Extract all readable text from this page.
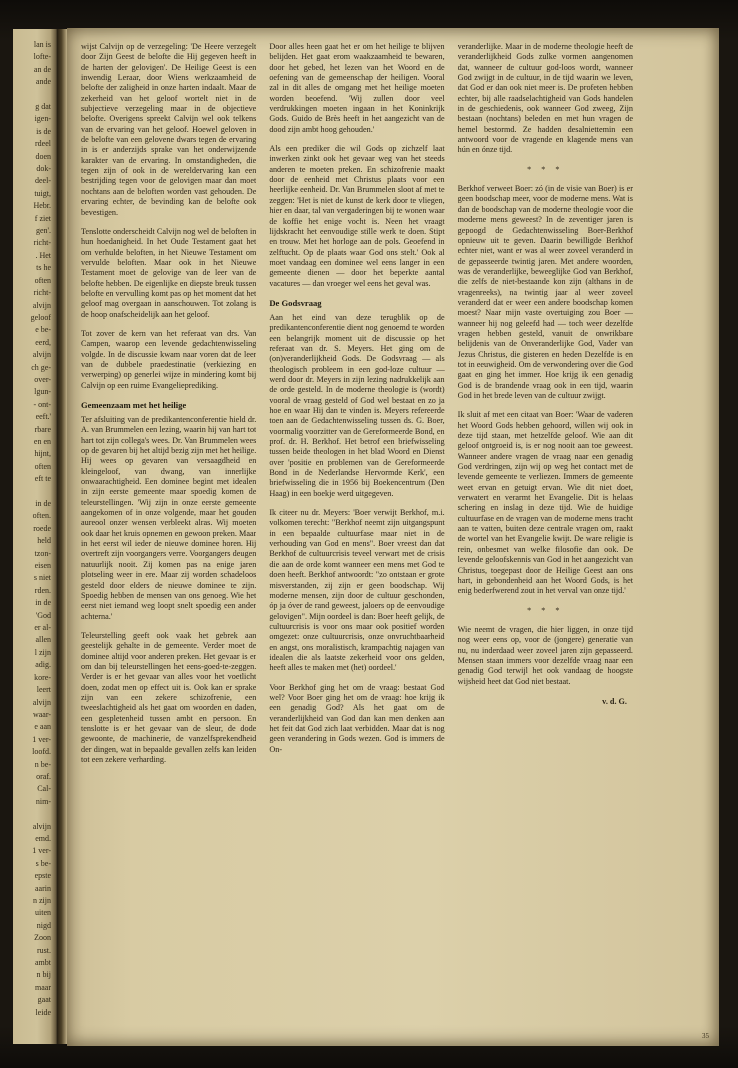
lan is
lofte-
an de
ande
g dat
igen-
is de
rdeel
doen
dok-
deel-
tuigt,
Hebr.
f ziet
gen'.
richt-
. Het
ts he
often
richt-
alvijn
geloof
e be-
eerd,
alvijn
ch ge-
over-
lgun-
- ont-
eeft.'
rbare
en en
hijnt,
often
eft te
in de
often.
roede
held
tzon-
eisen
s niet
rden.
in de
'God
er al-
allen
l zijn
adig.
kore-
leert
alvijn
waar-
e aan
1 ver-
loofd.
n be-
oraf.
Cal-
nim-
alvijn
emd.
1 ver-
s be-
epste
aarin
n zijn
uiten
nigd
Zoon
rust.
ambt
n bij
maar
gaat
leide

wijst Calvijn op de verzegeling: 'De Heere verzegelt door Zijn Geest de belofte die Hij gegeven heeft in de harten der gelovigen'. De Heilige Geest is een inwendig Leraar, door Wiens werkzaamheid de belofte der zaligheid in onze harten indaalt. Maar de zekerheid van het geloof wortelt niet in de subjectieve verzegeling maar in de objectieve belofte. Overigens spreekt Calvijn wel ook telkens van de ervaring van het geloof. Hoewel geloven in de belofte van een gelovene dwars tegen de ervaring in is er anderzijds sprake van het onderwijzende karakter van de ervaring. In omstandigheden, die tegen zijn of ook in de wereldervaring kan een bestrijding tegen voor de gelovigen maar dan moet nochtans aan de beloften worden vast gehouden. De ervaring echter, de bevinding kan de belofte ook bevestigen.

Tenslotte onderscheidt Calvijn nog wel de beloften in hun hoedanigheid. In het Oude Testament gaat het om verhulde beloften, in het Nieuwe Testament om vervulde beloften. Maar ook in het Nieuwe Testament moet de gelovige van de leer van de belofte hebben. De eigenlijke en diepste breuk tussen belofte en vervulling komt pas op het moment dat het geloof mag overgaan in aanschouwen. Tot zolang is de hoop onafscheidelijk aan het geloof.

Tot zover de kern van het referaat van drs. Van Campen, waarop een levende gedachtenwisseling volgde. In de discussie kwam naar voren dat de leer van de dubbele praedestinatie (verkiezing en verwerping) op generlei wijze in mindering komt bij Calvijn op een ruime Evangelieprediking.

Gemeenzaam met het heilige

Ter afsluiting van de predikantenconferentie hield dr. A. van Brummelen een lezing, waarin hij van hart tot hart tot zijn collega's wees. Dr. Van Brummelen wees op de gevaren bij het altijd bezig zijn met het heilige. Hij wees op gevaren van versaagdheid en kleingeloof, van dwang, van innerlijke onwaarachtigheid. Een dominee begint met idealen in zijn eerste gemeente maar spoedig komen de teleurstellingen. 'Wij zijn in onze eerste gemeente aangekomen of in onze volgende, maar het gouden aureool onzer wensen verbleekt alras. Wij moeten ook daar het kruis opnemen en gewoon preken. Maar in het eerst wil ieder de nieuwe dominee horen. Hij overtreft zijn voorgangers verre. Voorgangers deugen natuurlijk nooit. Zij komen pas na enige jaren plotseling weer in ere. Maar zij worden schadeloos gesteld door elders de nieuwe dominee te zijn. Spoedig hebben de mensen van ons genoeg. Wie het eerst niet iemand weg loopt snelt spoedig een ander achterna.'

Teleurstelling geeft ook vaak het gebrek aan geestelijk gehalte in de gemeente. Verder moet de dominee altijd voor anderen preken. Het gevaar is er om dan bij teleurstellingen het eens-goed-te-zeggen. Verder is er het gevaar van alles voor het voetlicht doen, zodat men op effect uit is. Ook kan er sprake zijn van een zekere schizofrenie, een tweeslachtigheid als het gaat om woorden en daden, een gespletenheid tussen ambt en persoon. En tenslotte is er het gevaar van de sleur, de dode gewoonte, de machinerie, de vanzelfsprekendheid der dingen, wat in bepaalde gevallen zelfs kan leiden tot een zekere verharding.

Door alles heen gaat het er om het heilige te blijven belijden. Het gaat erom waakzaamheid te bewaren, door het gebed, het lezen van het Woord en de oefening van de gemeenschap der heiligen. Vooral zal in dit alles de omgang met het heilige moeten worden beoefend. 'Wij zullen door veel verdrukkingen moeten ingaan in het Koninkrijk Gods. Guido de Brès heeft in het aangezicht van de dood zijn ambt hoog gehouden.'

Als een prediker die wil Gods op zichzelf laat inwerken zinkt ook het gevaar weg van het steeds anderen te moeten preken. En schizofrenie maakt door de eenheid met Christus plaats voor een heerlijke eenheid. Dr. Van Brummelen sloot af met te zeggen: 'Het is niet de kunst de kerk door te vliegen, hier en daar, tal van vergaderingen bij te wonen waar de koffie het enige vocht is. Neen het vraagt lijdskracht het eenvoudige stille werk te doen. Stipt en trouw. Met het horloge aan de pols. Geoefend in zelftucht. Op de plaats waar God ons stelt.' Ook al moet vandaag een dominee wel eens langer in een gemeente dienen — door het beperkte aantal vacatures — dan vroeger wel eens het geval was.

De Godsvraag

Aan het eind van deze terugblik op de predikantenconferentie dient nog genoemd te worden een belangrijk moment uit de discussie op het referaat van dr. S. Meyers. Het ging om de (on)veranderlijkheid Gods. De Godsvraag — als theologisch probleem in een god-loze cultuur — werd door dr. Meyers in zijn lezing nadrukkelijk aan de orde gesteld. In de moderne theologie is (wordt) vooral de vraag gesteld of God wel bestaat en zo ja hoe en waar Hij dan te vinden is. Meyers refereerde toen aan de Gedachtenwisseling tussen ds. G. Boer, voormalig voorzitter van de Gereformeerde Bond, en prof. dr. H. Berkhof. Het betrof een briefwisseling tussen beide theologen in het blad Woord en Dienst over 'positie en problemen van de Gereformeerde Bond in de Nederlandse Hervormde Kerk', een briefwisseling die in 1956 bij Boekencentrum (Den Haag) in een boekje werd uitgegeven.

Ik citeer nu dr. Meyers: 'Boer verwijt Berkhof, m.i. volkomen terecht: "Berkhof neemt zijn uitgangspunt in een bepaalde cultuurfase maar niet in de verhouding van God en mens". Boer vreest dan dat Berkhof de cultuurcrisis teveel verwart met de crisis die aan de orde komt wanneer een mens met God te doen heeft. Berkhof antwoordt: "zo ontstaan er grote misverstanden, zij zijn er geen boodschap. Wij moderne mensen, zijn door de cultuur geschonden, óp ja óver de rand geweest, jaloers op de eenvoudige gelovigen". Mijn oordeel is dan: Boer heeft gelijk, de cultuurcrisis is voor ons maar ook positief worden omgezet: onze cultuurcrisis, onze onvruchtbaarheid en angst, ons moralistisch, krampachtig najagen van idealen die als laatste zekerheid voor ons gelden, heeft alles te maken met (het) oordeel.'

Voor Berkhof ging het om de vraag: bestaat God wel? Voor Boer ging het om de vraag: hoe krijg ik een genadig God? Als het gaat om de veranderlijkheid van God dan kan men denken aan het feit dat God zich laat verbidden. Maar dat is nog geen verandering in Gods wezen. God is immers de On-

veranderlijke. Maar in de moderne theologie heeft de veranderlijkheid Gods zulke vormen aangenomen dat, wanneer de cultuur god-loos wordt, wanneer God zwijgt in de cultuur, in de tijd waarin we leven, dat God er dan ook niet meer is. De profeten hebben echter, bij alle raadselachtigheid van Gods handelen in de geschiedenis, ook wanneer God zweeg, Zijn bestaan (nochtans) beleden en met hun vragen de hemel bestormd. Ze hadden desalniettemin een antwoord voor de vragende en klagende mens van hún en ónze tijd.

* * *

Berkhof verweet Boer: zó (in de visie van Boer) is er geen boodschap meer, voor de moderne mens. Wat is dan de boodschap van de moderne theologie voor die moderne mens geweest? In de zeventiger jaren is gepoogd de Gedachtenwisseling Boer-Berkhof opnieuw uit te geven. Daarin bewilligde Berkhof echter niet, want er was al weer zoveel veranderd in de gepasseerde twintig jaren. Met andere woorden, was de veranderlijke, beweeglijke God van Berkhof, die zelfs de niet-bestaande kon zijn (althans in de vragenreeks), na twintig jaar al weer zoveel veranderd dat er weer een andere boodschap komen moest? Naar mijn vaste overtuiging zou Boer — wanneer hij nog geleefd had — toch weer dezelfde vragen hebben gesteld, vanuit de onwrikbare belijdenis van de Onveranderlijke God, Vader van Jezus Christus, die gisteren en heden Dezelfde is en tot in eeuwigheid. Om de verwondering over die God gaat en ging het immer. Hoe krijg ik een genadig God is de brandende vraag ook in een tijd, waarin God in het brede leven van de cultuur zwijgt.

Ik sluit af met een citaat van Boer: 'Waar de vaderen het Woord Gods hebben gehoord, willen wij ook in deze tijd staan, met hetzelfde geloof. Wie aan dit geloof ontgroeid is, is er nog nooit aan toe geweest. Wanneer andere vragen de vraag naar een genadig God verdringen, zijn wij op weg het contact met de levende gemeente te verliezen. Immers de gemeente weet ervan en getuigt ervan. Wie dit niet doet, verwatert en verarmt het Evangelie. Dit is helaas schering en inslag in deze tijd. Wie de huidige cultuurfase en de vragen van de moderne mens tracht aan te vatten, buiten deze centrale vragen om, raakt de wortel van het Evangelie kwijt. De ware religie is rein, onbesmet van welke filosofie dan ook. De levende geloofskennis van God in het aangezicht van Christus, toegepast door de Heilige Geest aan ons hart, in gebondenheid aan het Woord Gods, is het enig bederfwerend zout in het verval van onze tijd.'

* * *

Wie neemt de vragen, die hier liggen, in onze tijd nog weer eens op, voor de (jongere) generatie van nu, nu inderdaad weer zoveel jaren zijn gepasseerd. Mensen staan immers voor dezelfde vraag naar een genadig God terwijl het ook vandaag de hoogste wijsheid heet dat God niet bestaat.

v. d. G.
35
